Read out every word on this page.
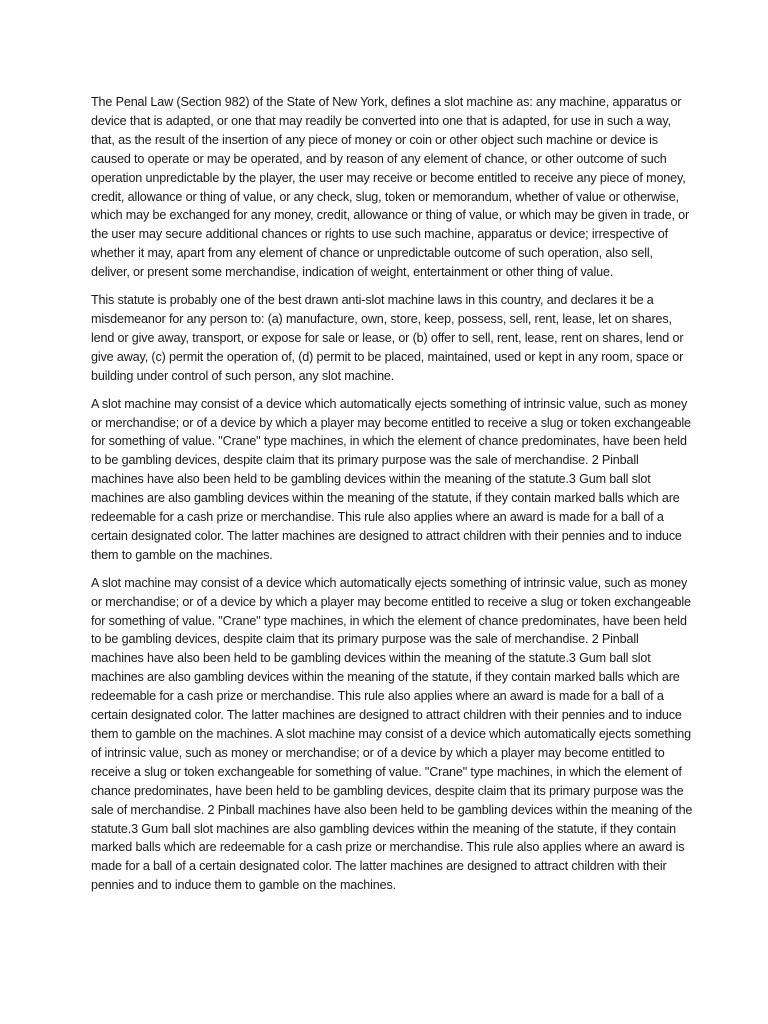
The Penal Law (Section 982) of the State of New York, defines a slot machine as: any machine, apparatus or device that is adapted, or one that may readily be converted into one that is adapted, for use in such a way, that, as the result of the insertion of any piece of money or coin or other object such machine or device is caused to operate or may be operated, and by reason of any element of chance, or other outcome of such operation unpredictable by the player, the user may receive or become entitled to receive any piece of money, credit, allowance or thing of value, or any check, slug, token or memorandum, whether of value or otherwise, which may be exchanged for any money, credit, allowance or thing of value, or which may be given in trade, or the user may secure additional chances or rights to use such machine, apparatus or device; irrespective of whether it may, apart from any element of chance or unpredictable outcome of such operation, also sell, deliver, or present some merchandise, indication of weight, entertainment or other thing of value.

This statute is probably one of the best drawn anti-slot machine laws in this country, and declares it be a misdemeanor for any person to: (a) manufacture, own, store, keep, possess, sell, rent, lease, let on shares, lend or give away, transport, or expose for sale or lease, or (b) offer to sell, rent, lease, rent on shares, lend or give away, (c) permit the operation of, (d) permit to be placed, maintained, used or kept in any room, space or building under control of such person, any slot machine.

A slot machine may consist of a device which automatically ejects something of intrinsic value, such as money or merchandise; or of a device by which a player may become entitled to receive a slug or token exchangeable for something of value. "Crane" type machines, in which the element of chance predominates, have been held to be gambling devices, despite claim that its primary purpose was the sale of merchandise. 2 Pinball machines have also been held to be gambling devices within the meaning of the statute.3 Gum ball slot machines are also gambling devices within the meaning of the statute, if they contain marked balls which are redeemable for a cash prize or merchandise. This rule also applies where an award is made for a ball of a certain designated color. The latter machines are designed to attract children with their pennies and to induce them to gamble on the machines.

A slot machine may consist of a device which automatically ejects something of intrinsic value, such as money or merchandise; or of a device by which a player may become entitled to receive a slug or token exchangeable for something of value. "Crane" type machines, in which the element of chance predominates, have been held to be gambling devices, despite claim that its primary purpose was the sale of merchandise. 2 Pinball machines have also been held to be gambling devices within the meaning of the statute.3 Gum ball slot machines are also gambling devices within the meaning of the statute, if they contain marked balls which are redeemable for a cash prize or merchandise. This rule also applies where an award is made for a ball of a certain designated color. The latter machines are designed to attract children with their pennies and to induce them to gamble on the machines. A slot machine may consist of a device which automatically ejects something of intrinsic value, such as money or merchandise; or of a device by which a player may become entitled to receive a slug or token exchangeable for something of value. "Crane" type machines, in which the element of chance predominates, have been held to be gambling devices, despite claim that its primary purpose was the sale of merchandise. 2 Pinball machines have also been held to be gambling devices within the meaning of the statute.3 Gum ball slot machines are also gambling devices within the meaning of the statute, if they contain marked balls which are redeemable for a cash prize or merchandise. This rule also applies where an award is made for a ball of a certain designated color. The latter machines are designed to attract children with their pennies and to induce them to gamble on the machines.
